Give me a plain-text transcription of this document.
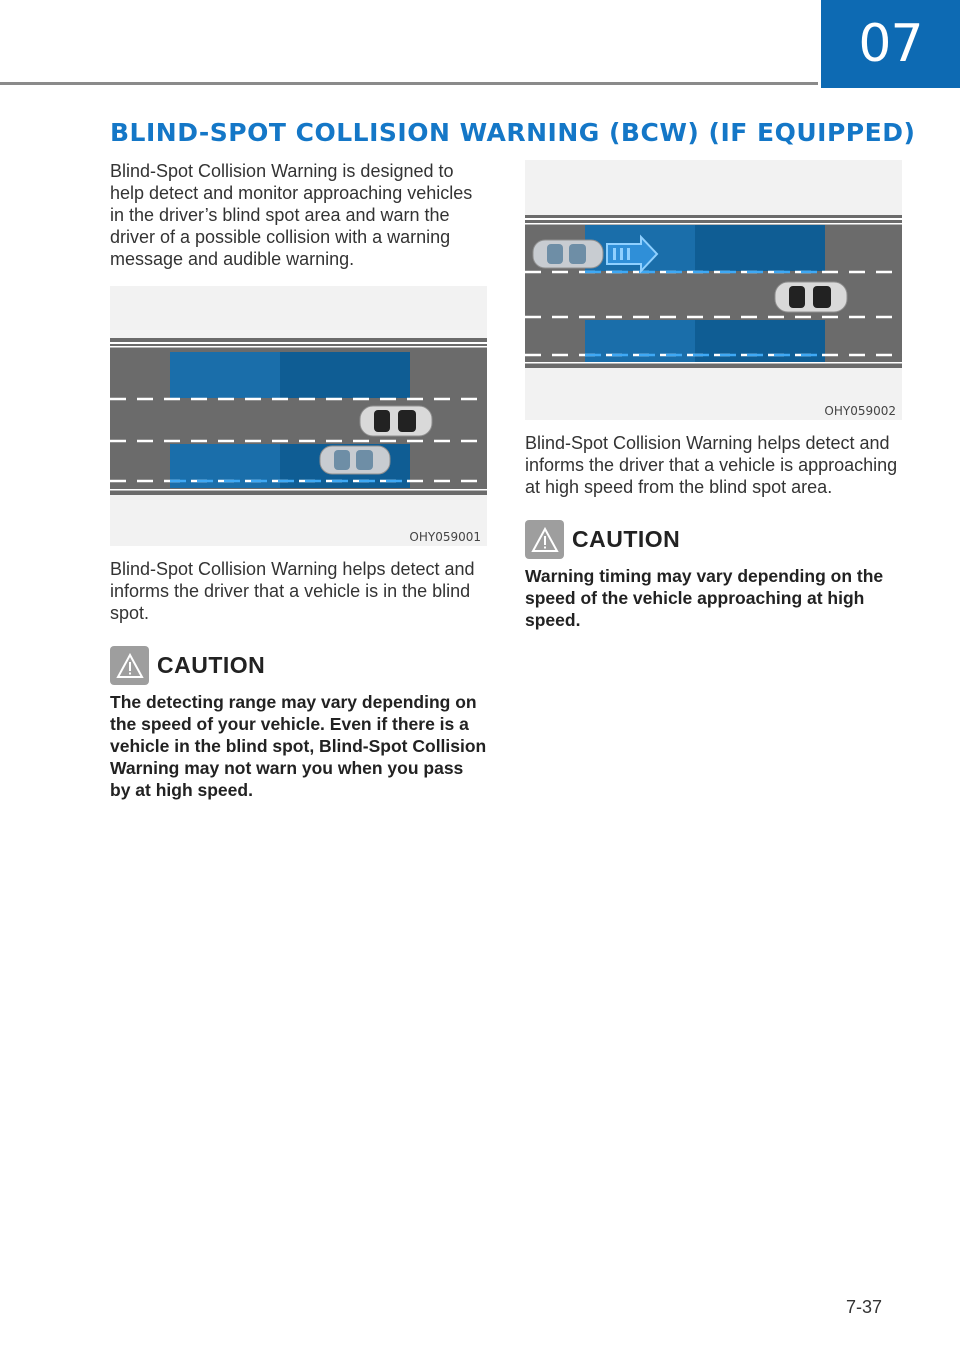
07
BLIND-SPOT COLLISION WARNING (BCW) (IF EQUIPPED)

Blind-Spot Collision Warning is designed to help detect and monitor approaching vehicles in the driver’s blind spot area and warn the driver of a possible collision with a warning message and audible warning.

OHY059001

Blind-Spot Collision Warning helps detect and informs the driver that a vehicle is in the blind spot.

CAUTION
The detecting range may vary depending on the speed of your vehicle. Even if there is a vehicle in the blind spot, Blind-Spot Collision Warning may not warn you when you pass by at high speed.
OHY059002

Blind-Spot Collision Warning helps detect and informs the driver that a vehicle is approaching at high speed from the blind spot area.

CAUTION
Warning timing may vary depending on the speed of the vehicle approaching at high speed.
7-37
